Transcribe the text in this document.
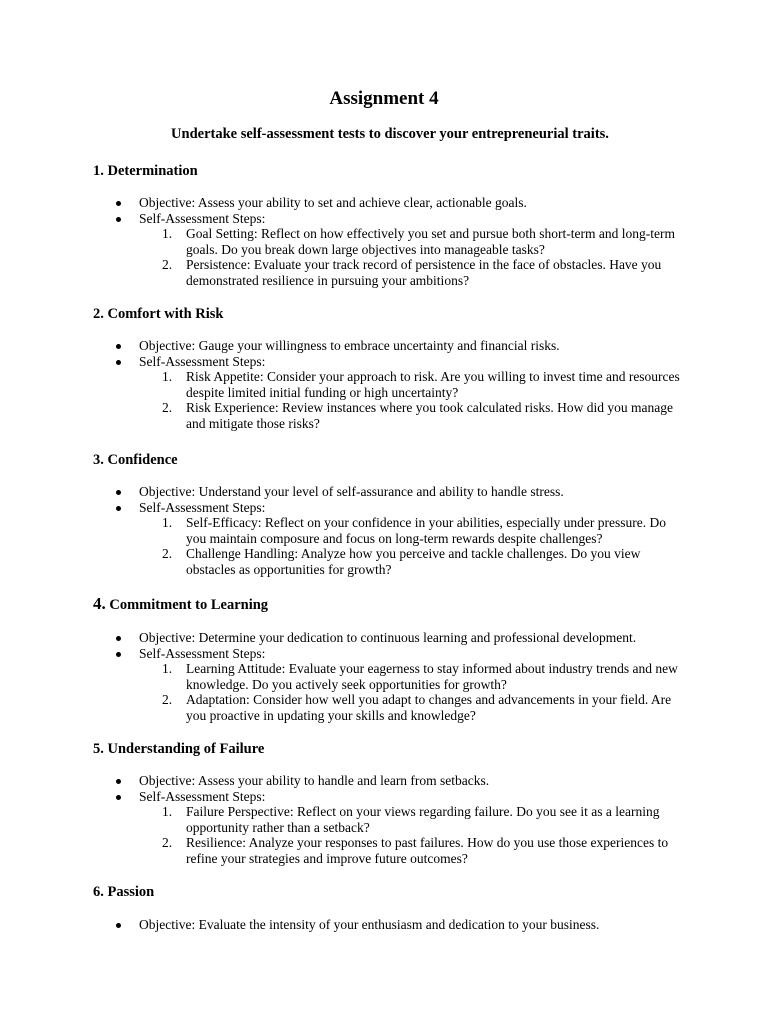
Assignment 4
Undertake self-assessment tests to discover your entrepreneurial traits.
1. Determination
Objective: Assess your ability to set and achieve clear, actionable goals.
Self-Assessment Steps:
1. Goal Setting: Reflect on how effectively you set and pursue both short-term and long-term goals. Do you break down large objectives into manageable tasks?
2. Persistence: Evaluate your track record of persistence in the face of obstacles. Have you demonstrated resilience in pursuing your ambitions?
2. Comfort with Risk
Objective: Gauge your willingness to embrace uncertainty and financial risks.
Self-Assessment Steps:
1. Risk Appetite: Consider your approach to risk. Are you willing to invest time and resources despite limited initial funding or high uncertainty?
2. Risk Experience: Review instances where you took calculated risks. How did you manage and mitigate those risks?
3. Confidence
Objective: Understand your level of self-assurance and ability to handle stress.
Self-Assessment Steps:
1. Self-Efficacy: Reflect on your confidence in your abilities, especially under pressure. Do you maintain composure and focus on long-term rewards despite challenges?
2. Challenge Handling: Analyze how you perceive and tackle challenges. Do you view obstacles as opportunities for growth?
4. Commitment to Learning
Objective: Determine your dedication to continuous learning and professional development.
Self-Assessment Steps:
1. Learning Attitude: Evaluate your eagerness to stay informed about industry trends and new knowledge. Do you actively seek opportunities for growth?
2. Adaptation: Consider how well you adapt to changes and advancements in your field. Are you proactive in updating your skills and knowledge?
5. Understanding of Failure
Objective: Assess your ability to handle and learn from setbacks.
Self-Assessment Steps:
1. Failure Perspective: Reflect on your views regarding failure. Do you see it as a learning opportunity rather than a setback?
2. Resilience: Analyze your responses to past failures. How do you use those experiences to refine your strategies and improve future outcomes?
6. Passion
Objective: Evaluate the intensity of your enthusiasm and dedication to your business.
